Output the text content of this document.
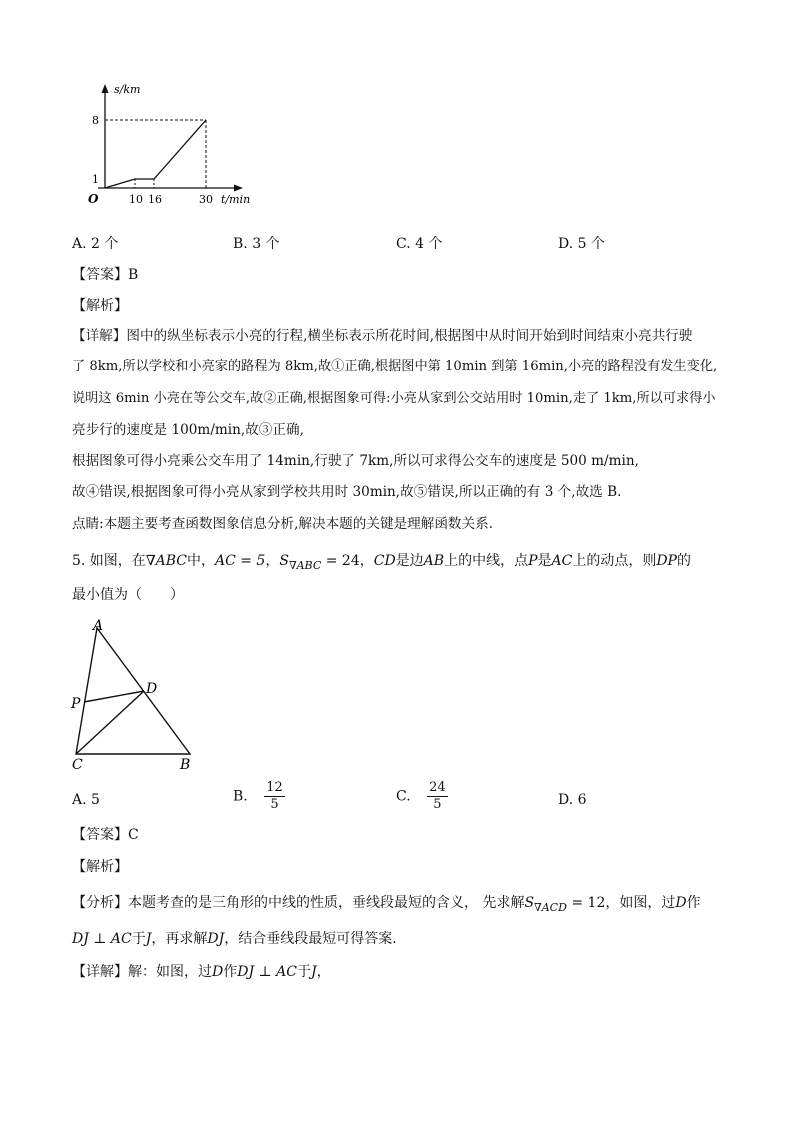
s/km
8
1
O	10 16	30 t/min
A. 2 个	B. 3 个	C. 4 个	D. 5 个
【答案】B
【解析】
【详解】图中的纵坐标表示小亮的行程,横坐标表示所花时间,根据图中从时间开始到时间结束小亮共行驶
了 8km,所以学校和小亮家的路程为 8km,故①正确,根据图中第 10min 到第 16min,小亮的路程没有发生变化,
说明这 6min 小亮在等公交车,故②正确,根据图象可得:小亮从家到公交站用时 10min,走了 1km,所以可求得小
亮步行的速度是 100m/min,故③正确,
根据图象可得小亮乘公交车用了 14min,行驶了 7km,所以可求得公交车的速度是 500 m/min,
故④错误,根据图象可得小亮从家到学校共用时 30min,故⑤错误,所以正确的有 3 个,故选 B.
点睛:本题主要考查函数图象信息分析,解决本题的关键是理解函数关系.
5. 如图，在∇ABC中，AC = 5，$S_{\nabla ABC} = 24$，CD是边AB上的中线，点P是AC上的动点，则DP的
最小值为（　　）
A
P
D
C	B
A. 5	B. $\frac{12}{5}$	C. $\frac{24}{5}$	D. 6
【答案】C
【解析】
【分析】本题考查的是三角形的中线的性质，垂线段最短的含义， 先求解$S_{\nabla ACD} = 12$，如图，过D作
DJ ⊥ AC于J，再求解DJ，结合垂线段最短可得答案．
【详解】解：如图，过D作DJ ⊥ AC于J，
